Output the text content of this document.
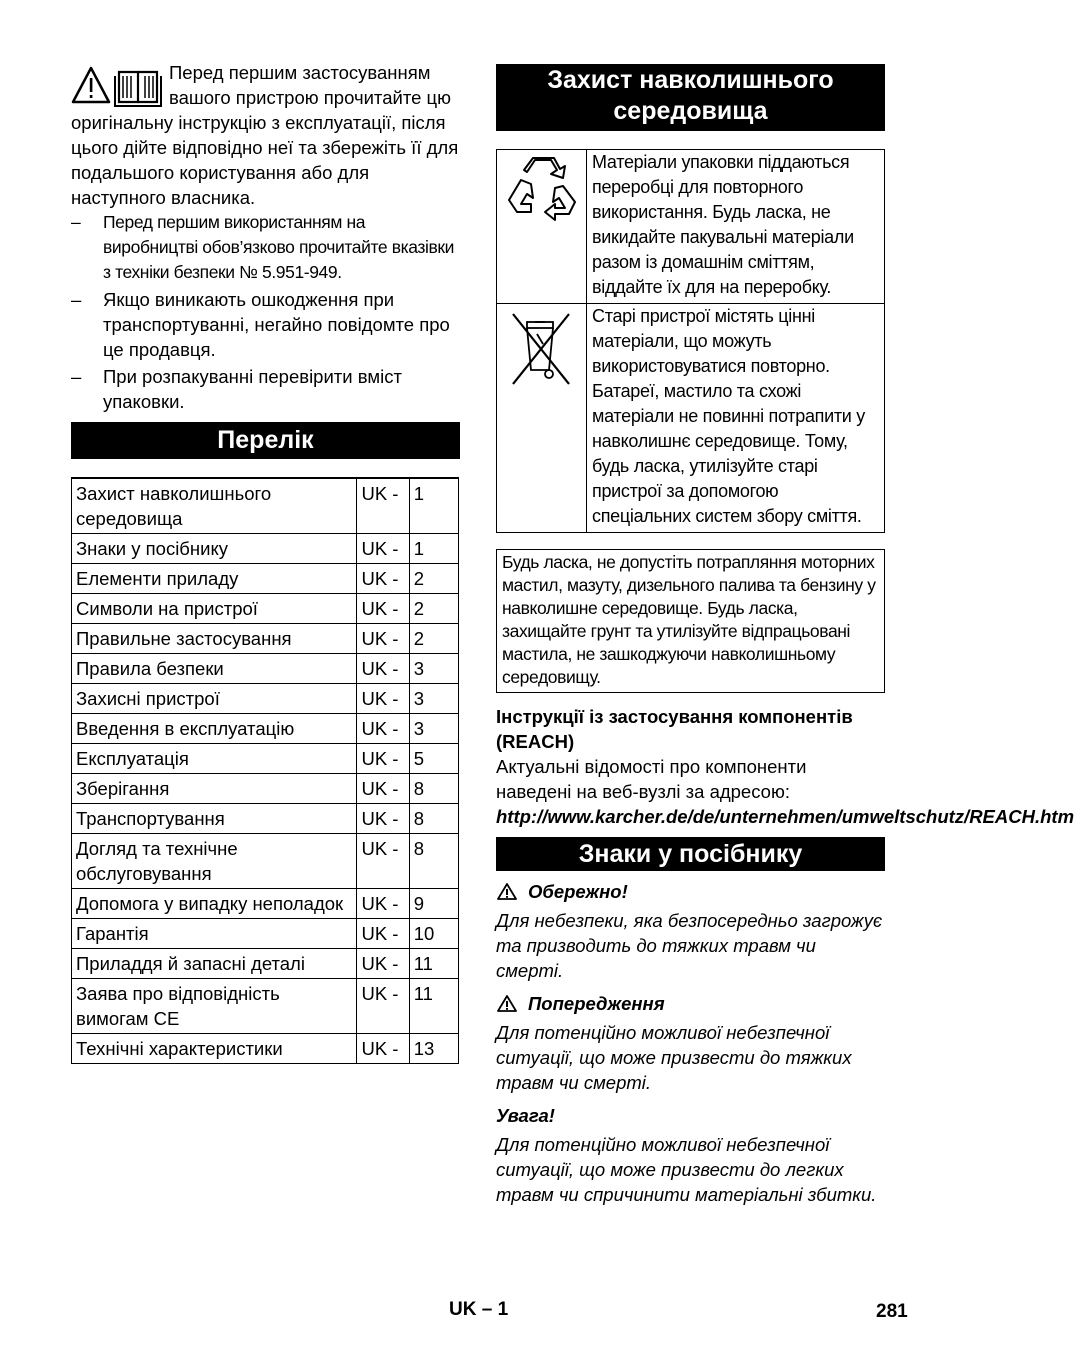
Перед першим застосуванням вашого пристрою прочитайте цю оригінальну інструкцію з експлуатації, після цього дійте відповідно неї та збережіть її для подальшого користування або для наступного власника.

– Перед першим використанням на виробництві обов’язково прочитайте вказівки з техніки безпеки № 5.951-949.
– Якщо виникають ошкодження при транспортуванні, негайно повідомте про це продавця.
– При розпакуванні перевірити вміст упаковки.
Перелік
Захист навколишнього середовища	UK -	1
Знаки у посібнику	UK -	1
Елементи приладу	UK -	2
Символи на пристрої	UK -	2
Правильне застосування	UK -	2
Правила безпеки	UK -	3
Захисні пристрої	UK -	3
Введення в експлуатацію	UK -	3
Експлуатація	UK -	5
Зберігання	UK -	8
Транспортування	UK -	8
Догляд та технічне обслуговування	UK -	8
Допомога у випадку неполадок	UK -	9
Гарантія	UK -	10
Приладдя й запасні деталі	UK -	11
Заява про відповідність вимогам CE	UK -	11
Технічні характеристики	UK -	13
Захист навколишнього середовища
	Матеріали упаковки піддаються переробці для повторного використання. Будь ласка, не викидайте пакувальні матеріали разом із домашнім сміттям, віддайте їх для на переробку.
	Старі пристрої містять цінні матеріали, що можуть використовуватися повторно. Батареї, мастило та схожі матеріали не повинні потрапити у навколишнє середовище. Тому, будь ласка, утилізуйте старі пристрої за допомогою спеціальних систем збору сміття.
Будь ласка, не допустіть потрапляння моторних мастил, мазуту, дизельного палива та бензину у навколишне середовище. Будь ласка, захищайте грунт та утилізуйте відпрацьовані мастила, не зашкоджуючи навколишньому середовищу.
Інструкції із застосування компонентів (REACH)
Актуальні відомості про компоненти наведені на веб-вузлі за адресою:
http://www.karcher.de/de/unternehmen/umweltschutz/REACH.htm
Знаки у посібнику
Обережно!
Для небезпеки, яка безпосередньо загрожує та призводить до тяжких травм чи смерті.
Попередження
Для потенційно можливої небезпечної ситуації, що може призвести до тяжких травм чи смерті.
Увага!
Для потенційно можливої небезпечної ситуації, що може призвести до легких травм чи спричинити матеріальні збитки.
UK – 1	281
